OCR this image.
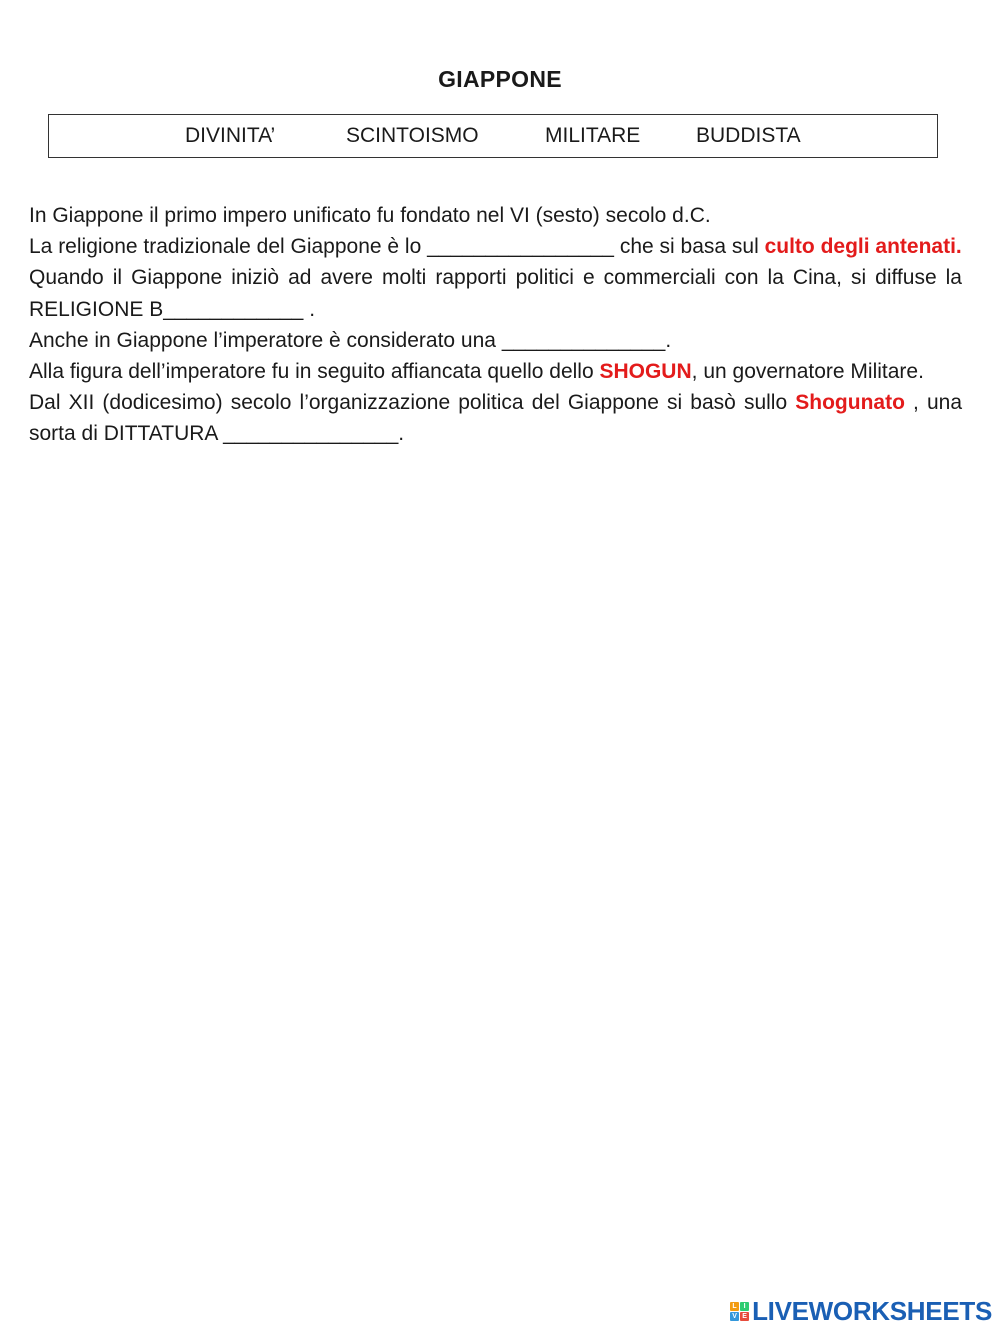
GIAPPONE
DIVINITA’	SCINTOISMO	MILITARE	BUDDISTA

In Giappone il primo impero unificato fu fondato nel VI (sesto) secolo d.C.

La religione tradizionale del Giappone è lo ________________ che si basa sul culto degli antenati.

Quando il Giappone iniziò ad avere molti rapporti politici e commerciali con la Cina, si diffuse la RELIGIONE B____________ .

Anche in Giappone l’imperatore è considerato una ______________.

Alla figura dell’imperatore fu in seguito affiancata quello dello SHOGUN, un governatore Militare.

Dal XII (dodicesimo) secolo l’organizzazione politica del Giappone si basò sullo Shogunato , una sorta di DITTATURA _______________.

L I
V E LIVEWORKSHEETS
